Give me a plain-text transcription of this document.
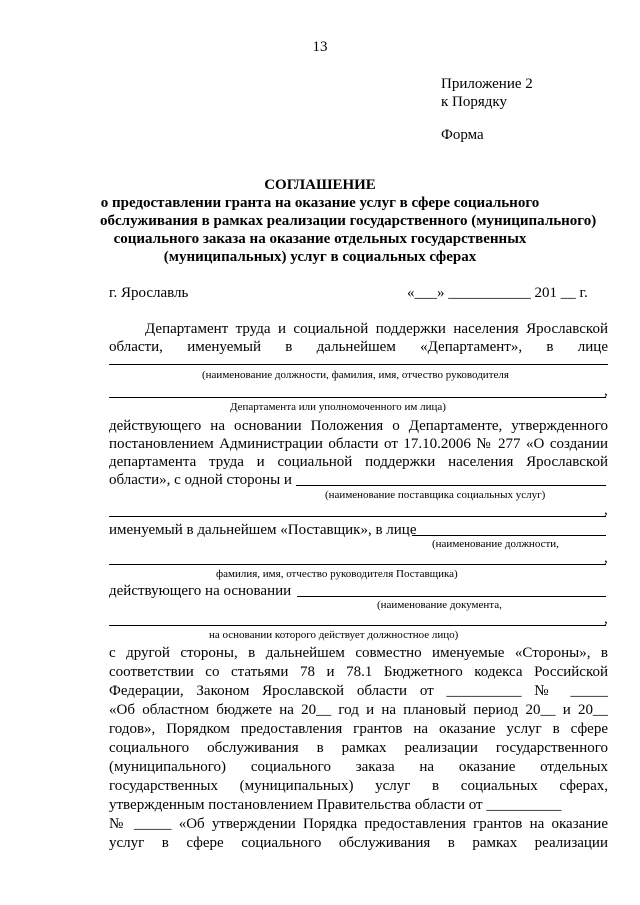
13
Приложение 2
к Порядку
Форма
СОГЛАШЕНИЕ
о предоставлении гранта на оказание услуг в сфере социального
обслуживания в рамках реализации государственного (муниципального)
социального заказа на оказание отдельных государственных
(муниципальных) услуг в социальных сферах
г. Ярославль	«___» ___________ 201 __ г.
Департамент труда и социальной поддержки населения Ярославской
области, именуемый в дальнейшем «Департамент», в лице
(наименование должности, фамилия, имя, отчество руководителя
,
Департамента или уполномоченного им лица)
действующего на основании Положения о Департаменте, утвержденного
постановлением Администрации области от 17.10.2006 № 277 «О создании
департамента труда и социальной поддержки населения Ярославской
области», с одной стороны и
(наименование поставщика социальных услуг)
,
именуемый в дальнейшем «Поставщик», в лице
(наименование должности,
,
фамилия, имя, отчество руководителя Поставщика)
действующего на основании
(наименование документа,
,
на основании которого действует должностное лицо)
с другой стороны, в дальнейшем совместно именуемые «Стороны», в
соответствии со статьями 78 и 78.1 Бюджетного кодекса Российской
Федерации, Законом Ярославской области от __________ № _____
«Об областном бюджете на 20__ год и на плановый период 20__ и 20__
годов», Порядком предоставления грантов на оказание услуг в сфере
социального обслуживания в рамках реализации государственного
(муниципального) социального заказа на оказание отдельных
государственных (муниципальных) услуг в социальных сферах,
утвержденным постановлением Правительства области от __________
№ _____ «Об утверждении Порядка предоставления грантов на оказание
услуг в сфере социального обслуживания в рамках реализации
